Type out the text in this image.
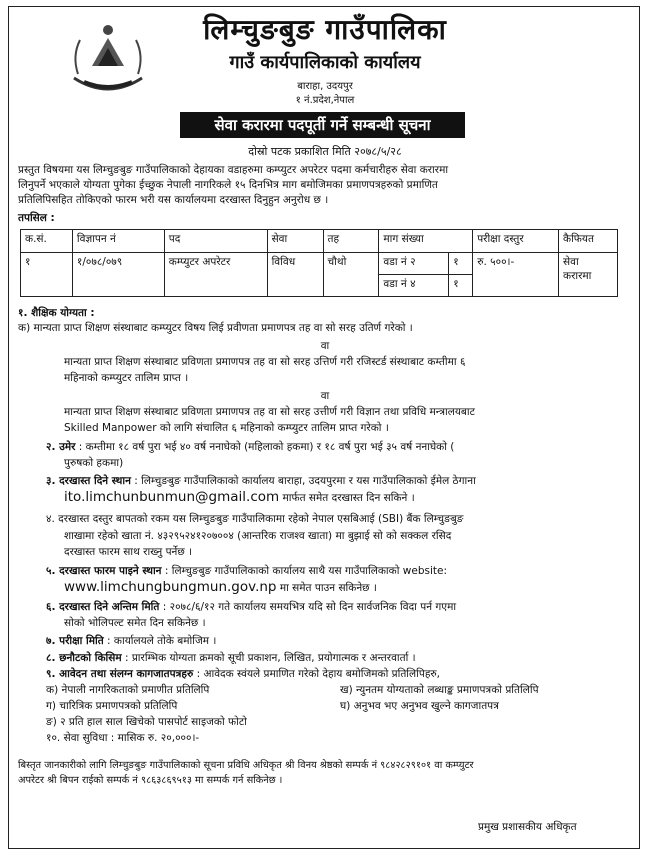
लिम्चुङबुङ गाउँपालिका
गाउँ कार्यपालिकाको कार्यालय
बाराहा, उदयपुर
१ नं.प्रदेश,नेपाल
सेवा करारमा पदपूर्ती गर्ने सम्बन्धी सूचना
दोस्रो पटक प्रकाशित मिति २०७८/५/२८
प्रस्तुत विषयमा यस लिम्चुङबुङ गाउँपालिकाको देहायका वडाहरुमा कम्प्युटर अपरेटर पदमा कर्मचारीहरु सेवा करारमा
लिनुपर्ने भएकाले योग्यता पुगेका ईच्छुक नेपाली नागरिकले १५ दिनभित्र माग बमोजिमका प्रमाणपत्रहरुको प्रमाणित
प्रतिलिपिसहित तोकिएको फारम भरी यस कार्यालयमा दरखास्त दिनुहुन अनुरोध छ ।
तपसिल :
क.सं.	विज्ञापन नं	पद	सेवा	तह	माग संख्या		परीक्षा दस्तुर	कैफियत
१	१/०७८/०७९	कम्प्युटर अपरेटर	विविध	चौथो	वडा नं २	१	रु. ५००।-	सेवा
करारमा

					वडा नं ४	१		
१. शैक्षिक योग्यता :
क) मान्यता प्राप्त शिक्षण संस्थाबाट कम्प्युटर विषय लिई प्रवीणता प्रमाणपत्र तह वा सो सरह उतिर्ण गरेको ।
वा
मान्यता प्राप्त शिक्षण संस्थाबाट प्रविणता प्रमाणपत्र तह वा सो सरह उत्तिर्ण गरी रजिस्टर्ड संस्थाबाट कम्तीमा ६
महिनाको कम्प्युटर तालिम प्राप्त ।
वा
मान्यता प्राप्त शिक्षण संस्थाबाट प्रविणता प्रमाणपत्र तह वा सो सरह उत्तीर्ण गरी विज्ञान तथा प्रविधि मन्त्रालयबाट
Skilled Manpower को लागि संचालित ६ महिनाको कम्प्युटर तालिम प्राप्त गरेको ।
२. उमेर : कम्तीमा १८ वर्ष पुरा भई ४० वर्ष ननाघेको (महिलाको हकमा) र १८ वर्ष पुरा भई ३५ वर्ष ननाघेको (
पुरुषको हकमा)
३. दरखास्त दिने स्थान : लिम्चुङबुङ गाउँपालिकाको कार्यालय बाराहा, उदयपुरमा र यस गाउँपालिकाको ईमेल ठेगाना
ito.limchunbunmun@gmail.com मार्फत समेत दरखास्त दिन सकिने ।
४. दरखास्त दस्तुर बापतको रकम यस लिम्चुङबुङ गाउँपालिकामा रहेको नेपाल एसबिआई (SBI) बैंक लिम्चुङबुङ
शाखामा रहेको खाता नं. ४३२९५२४१२०७००४ (आन्तरिक राजश्व खाता) मा बुझाई सो को सक्कल रसिद
दरखास्त फारम साथ राख्नु पर्नेछ ।
५. दरखास्त फारम पाइने स्थान : लिम्चुङबुङ गाउँपालिकाको कार्यालय साथै यस गाउँपालिकाको website:
www.limchungbungmun.gov.np मा समेत पाउन सकिनेछ ।
६. दरखास्त दिने अन्तिम मिति : २०७८/६/१२ गते कार्यालय समयभित्र यदि सो दिन सार्वजनिक विदा पर्न गएमा
सोको भोलिपल्ट समेत दिन सकिनेछ ।
७. परीक्षा मिति : कार्यालयले तोके बमोजिम ।
८. छनौटको किसिम : प्रारम्भिक योग्यता क्रमको सूची प्रकाशन, लिखित, प्रयोगात्मक र अन्तरवार्ता ।
९. आवेदन तथा संलग्न कागजातपत्रहरु : आवेदक स्वंयले प्रमाणित गरेको देहाय बमोजिमको प्रतिलिपिहरु,
क) नेपाली नागरिकताको प्रमाणीत प्रतिलिपि	ख) न्युनतम योग्यताको लब्धाङ्क प्रमाणपत्रको प्रतिलिपि
ग) चारित्रिक प्रमाणपत्रको प्रतिलिपि	घ) अनुभव भए अनुभव खुल्ने कागजातपत्र
ङ) २ प्रति हाल साल खिचेको पासपोर्ट साइजको फोटो
१०. सेवा सुविधा : मासिक रु. २०,०००।-
बिस्तृत जानकारीको लागि लिम्चुङबुङ गाउँपालिकाको सूचना प्रविधि अधिकृत श्री विनय श्रेष्ठको सम्पर्क नं ९८४२८२९१०१ वा कम्प्युटर
अपरेटर श्री बिपन राईको सम्पर्क नं ९८६३८६९५१३ मा सम्पर्क गर्न सकिनेछ ।
प्रमुख प्रशासकीय अधिकृत
